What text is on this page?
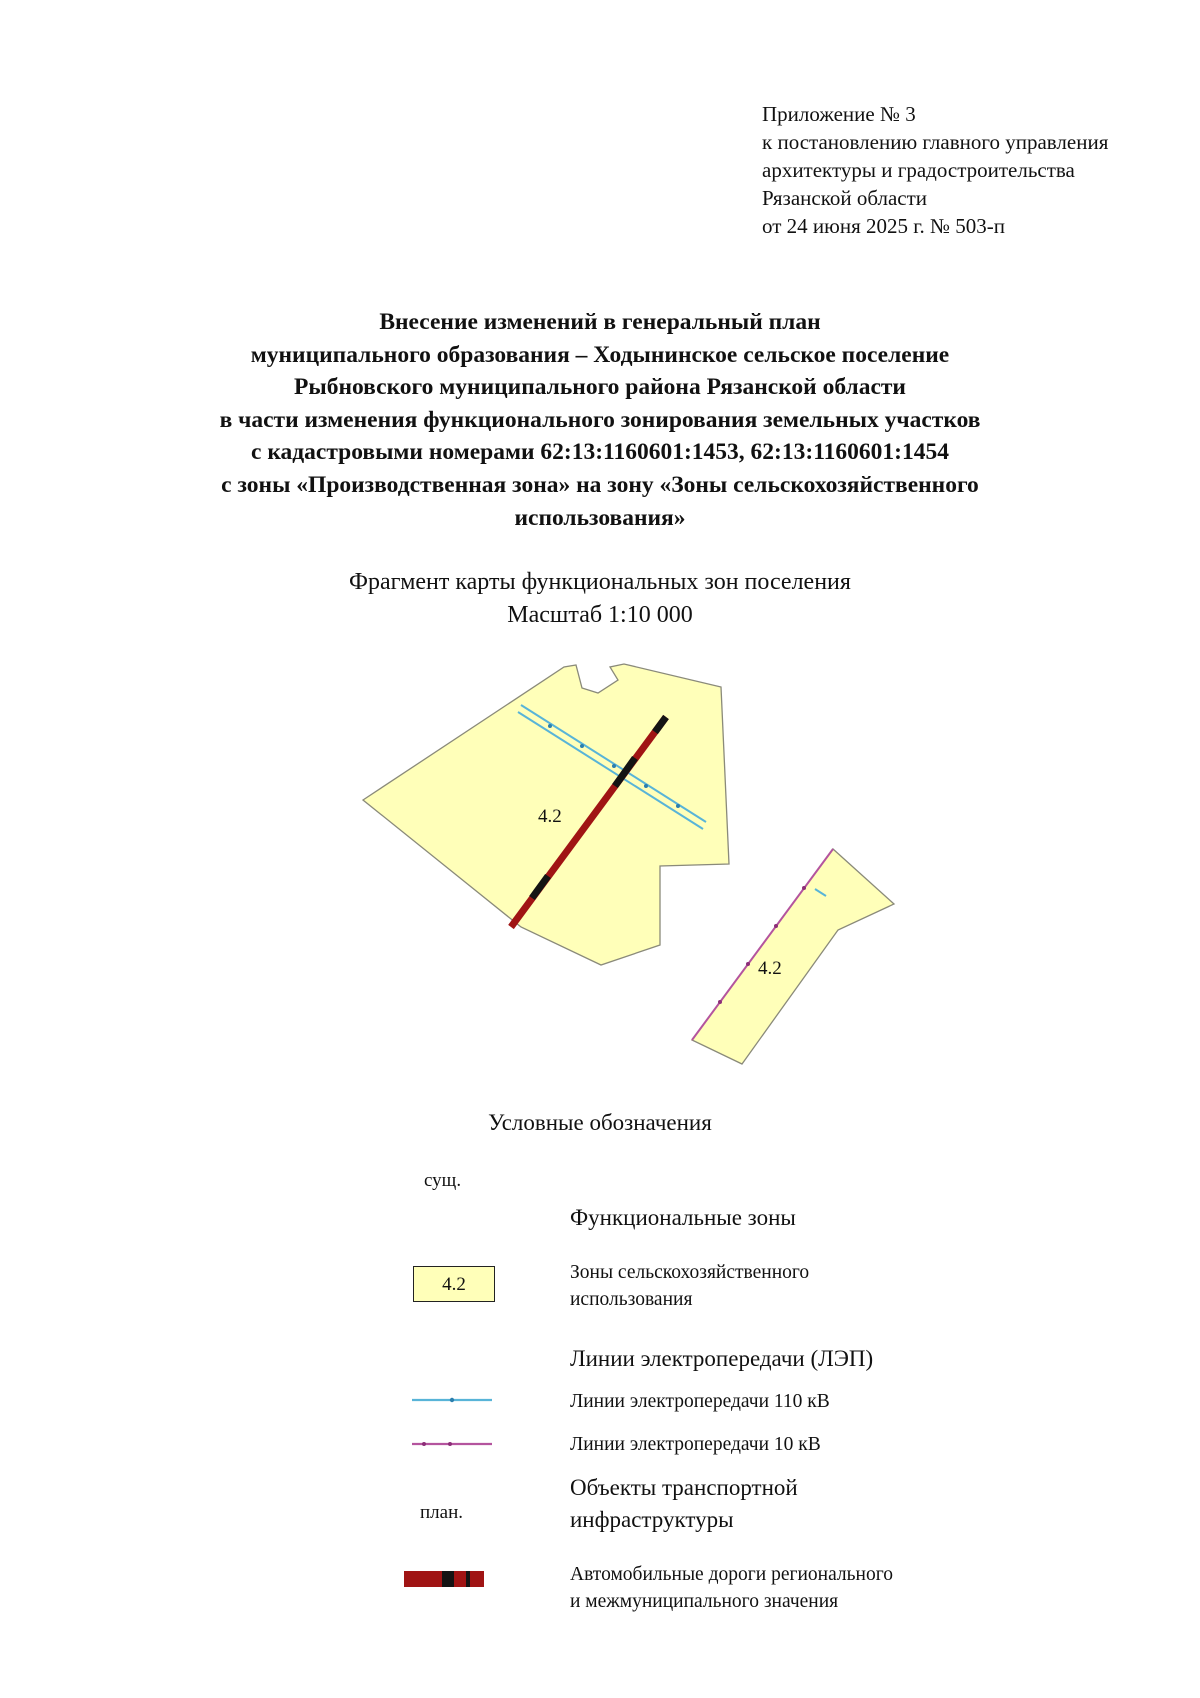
Приложение № 3
к постановлению главного управления
архитектуры и градостроительства
Рязанской области
от 24 июня 2025 г. № 503-п
Внесение изменений в генеральный план
муниципального образования – Ходынинское сельское поселение
Рыбновского муниципального района Рязанской области
в части изменения функционального зонирования земельных участков
с кадастровыми номерами 62:13:1160601:1453, 62:13:1160601:1454
с зоны «Производственная зона» на зону «Зоны сельскохозяйственного
использования»
Фрагмент карты функциональных зон поселения
Масштаб 1:10 000
4.2
4.2
Условные обозначения
сущ.
Функциональные зоны
4.2
Зоны сельскохозяйственного
использования
Линии электропередачи (ЛЭП)
Линии электропередачи 110 кВ
Линии электропередачи 10 кВ
Объекты транспортной
инфраструктуры
план.
Автомобильные дороги регионального
и межмуниципального значения
